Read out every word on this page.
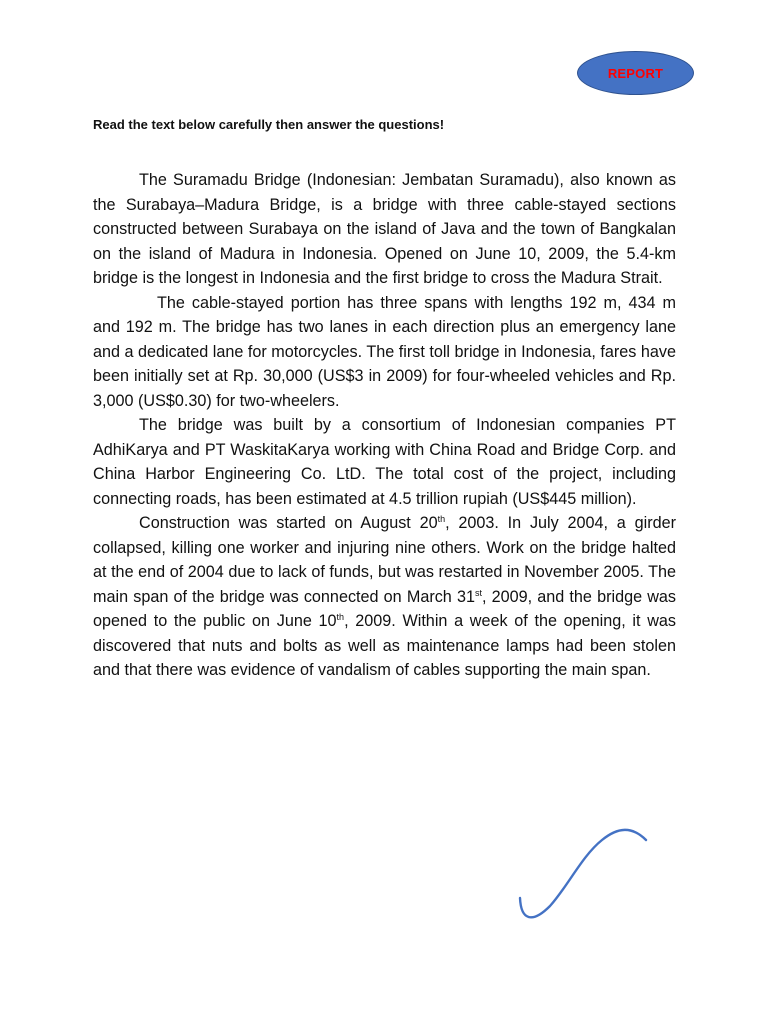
REPORT
Read the text below carefully then answer the questions!

The Suramadu Bridge (Indonesian: Jembatan Suramadu), also known as the Surabaya–Madura Bridge, is a bridge with three cable-stayed sections constructed between Surabaya on the island of Java and the town of Bangkalan on the island of Madura in Indonesia. Opened on June 10, 2009, the 5.4-km bridge is the longest in Indonesia and the first bridge to cross the Madura Strait.

The cable-stayed portion has three spans with lengths 192 m, 434 m and 192 m. The bridge has two lanes in each direction plus an emergency lane and a dedicated lane for motorcycles. The first toll bridge in Indonesia, fares have been initially set at Rp. 30,000 (US$3 in 2009) for four-wheeled vehicles and Rp. 3,000 (US$0.30) for two-wheelers.

The bridge was built by a consortium of Indonesian companies PT AdhiKarya and PT WaskitaKarya working with China Road and Bridge Corp. and China Harbor Engineering Co. LtD. The total cost of the project, including connecting roads, has been estimated at 4.5 trillion rupiah (US$445 million).

Construction was started on August 20th, 2003. In July 2004, a girder collapsed, killing one worker and injuring nine others. Work on the bridge halted at the end of 2004 due to lack of funds, but was restarted in November 2005. The main span of the bridge was connected on March 31st, 2009, and the bridge was opened to the public on June 10th, 2009. Within a week of the opening, it was discovered that nuts and bolts as well as maintenance lamps had been stolen and that there was evidence of vandalism of cables supporting the main span.
